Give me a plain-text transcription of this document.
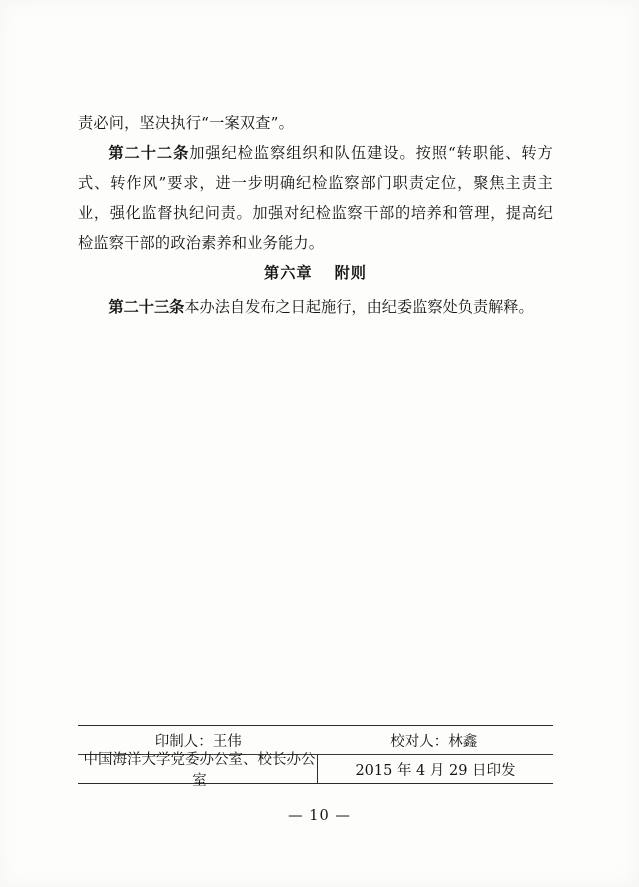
责必问，坚决执行“一案双查”。

第二十二条加强纪检监察组织和队伍建设。按照“转职能、转方式、转作风”要求，进一步明确纪检监察部门职责定位，聚焦主责主业，强化监督执纪问责。加强对纪检监察干部的培养和管理，提高纪检监察干部的政治素养和业务能力。

第六章 附则
第二十三条本办法自发布之日起施行，由纪委监察处负责解释。
印制人：王伟	校对人：林鑫
中国海洋大学党委办公室、校长办公室
2015 年 4 月 29 日印发
— 10 —
